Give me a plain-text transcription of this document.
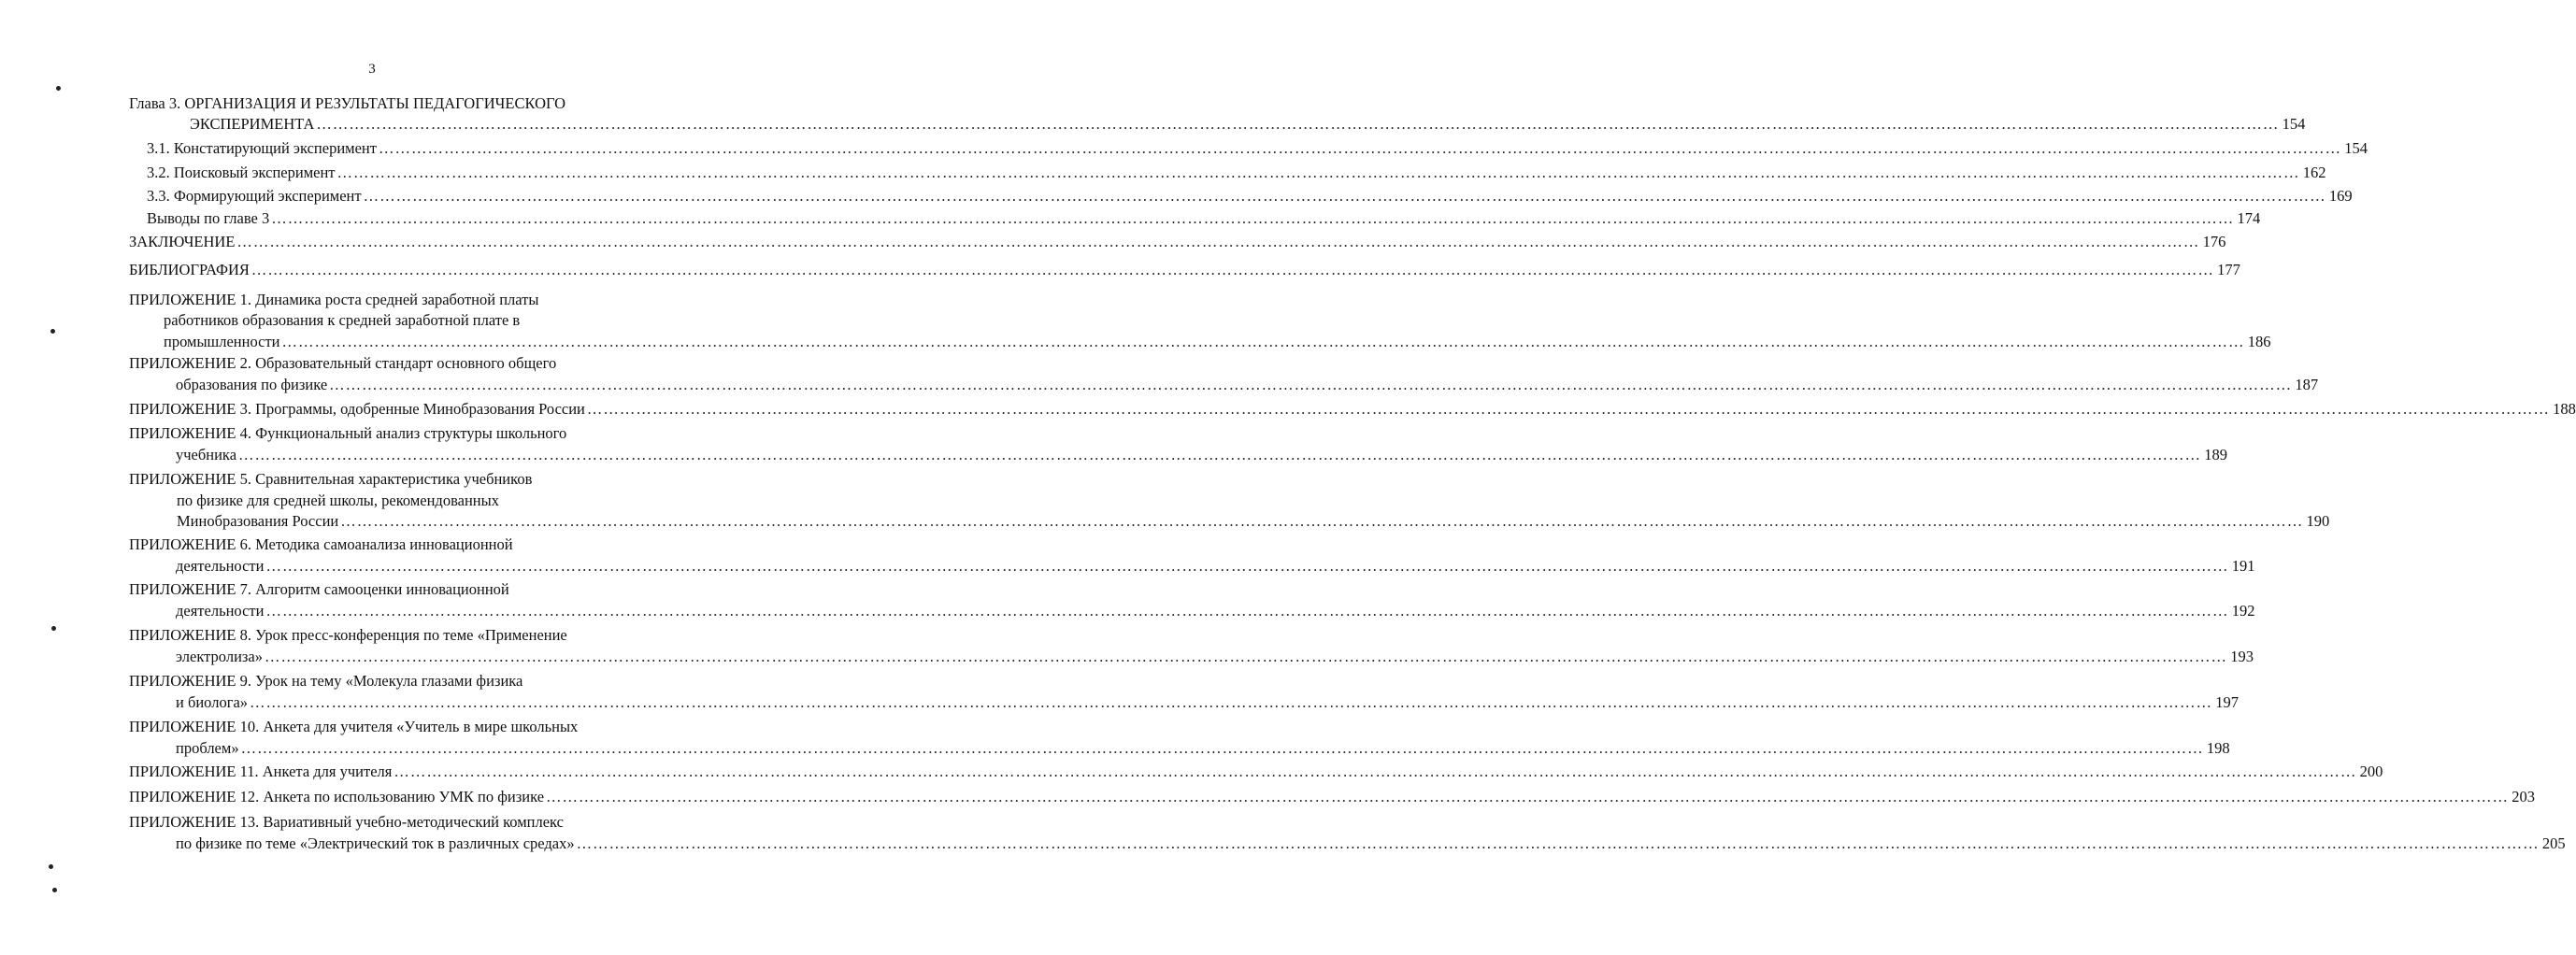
3
Глава 3. ОРГАНИЗАЦИЯ И РЕЗУЛЬТАТЫ ПЕДАГОГИЧЕСКОГО
ЭКСПЕРИМЕНТА ……………………………………………………………………………………………………………………………………………………………………………………………………………………………………………………………………………………………………………………………… 154
3.1. Констатирующий эксперимент ……………………………………………………………………………………………………………………………………………………………………………………………………………………………………………………………………………………………………………………………… 154
3.2. Поисковый эксперимент ……………………………………………………………………………………………………………………………………………………………………………………………………………………………………………………………………………………………………………………………… 162
3.3. Формирующий эксперимент ……………………………………………………………………………………………………………………………………………………………………………………………………………………………………………………………………………………………………………………………… 169
Выводы по главе 3 ……………………………………………………………………………………………………………………………………………………………………………………………………………………………………………………………………………………………………………………………… 174
ЗАКЛЮЧЕНИЕ ……………………………………………………………………………………………………………………………………………………………………………………………………………………………………………………………………………………………………………………………… 176
БИБЛИОГРАФИЯ ……………………………………………………………………………………………………………………………………………………………………………………………………………………………………………………………………………………………………………………………… 177
ПРИЛОЖЕНИЕ 1. Динамика роста средней заработной платы
работников образования к средней заработной плате в
промышленности ……………………………………………………………………………………………………………………………………………………………………………………………………………………………………………………………………………………………………………………………… 186
ПРИЛОЖЕНИЕ 2. Образовательный стандарт основного общего
образования по физике ……………………………………………………………………………………………………………………………………………………………………………………………………………………………………………………………………………………………………………………………… 187
ПРИЛОЖЕНИЕ 3. Программы, одобренные Минобразования России ……………………………………………………………………………………………………………………………………………………………………………………………………………………………………………………………………………………………………………………………… 188
ПРИЛОЖЕНИЕ 4. Функциональный анализ структуры школьного
учебника ……………………………………………………………………………………………………………………………………………………………………………………………………………………………………………………………………………………………………………………………… 189
ПРИЛОЖЕНИЕ 5. Сравнительная характеристика учебников
по физике для средней школы, рекомендованных
Минобразования России ……………………………………………………………………………………………………………………………………………………………………………………………………………………………………………………………………………………………………………………………… 190
ПРИЛОЖЕНИЕ 6. Методика самоанализа инновационной
деятельности ……………………………………………………………………………………………………………………………………………………………………………………………………………………………………………………………………………………………………………………………… 191
ПРИЛОЖЕНИЕ 7. Алгоритм самооценки инновационной
деятельности ……………………………………………………………………………………………………………………………………………………………………………………………………………………………………………………………………………………………………………………………… 192
ПРИЛОЖЕНИЕ 8. Урок пресс-конференция по теме «Применение
электролиза» ……………………………………………………………………………………………………………………………………………………………………………………………………………………………………………………………………………………………………………………………… 193
ПРИЛОЖЕНИЕ 9. Урок на тему «Молекула глазами физика
и биолога» ……………………………………………………………………………………………………………………………………………………………………………………………………………………………………………………………………………………………………………………………… 197
ПРИЛОЖЕНИЕ 10. Анкета для учителя «Учитель в мире школьных
проблем» ……………………………………………………………………………………………………………………………………………………………………………………………………………………………………………………………………………………………………………………………… 198
ПРИЛОЖЕНИЕ 11. Анкета для учителя ……………………………………………………………………………………………………………………………………………………………………………………………………………………………………………………………………………………………………………………………… 200
ПРИЛОЖЕНИЕ 12. Анкета по использованию УМК по физике ……………………………………………………………………………………………………………………………………………………………………………………………………………………………………………………………………………………………………………………………… 203
ПРИЛОЖЕНИЕ 13. Вариативный учебно-методический комплекс
по физике по теме «Электрический ток в различных средах» ……………………………………………………………………………………………………………………………………………………………………………………………………………………………………………………………………………………………………………………………… 205
